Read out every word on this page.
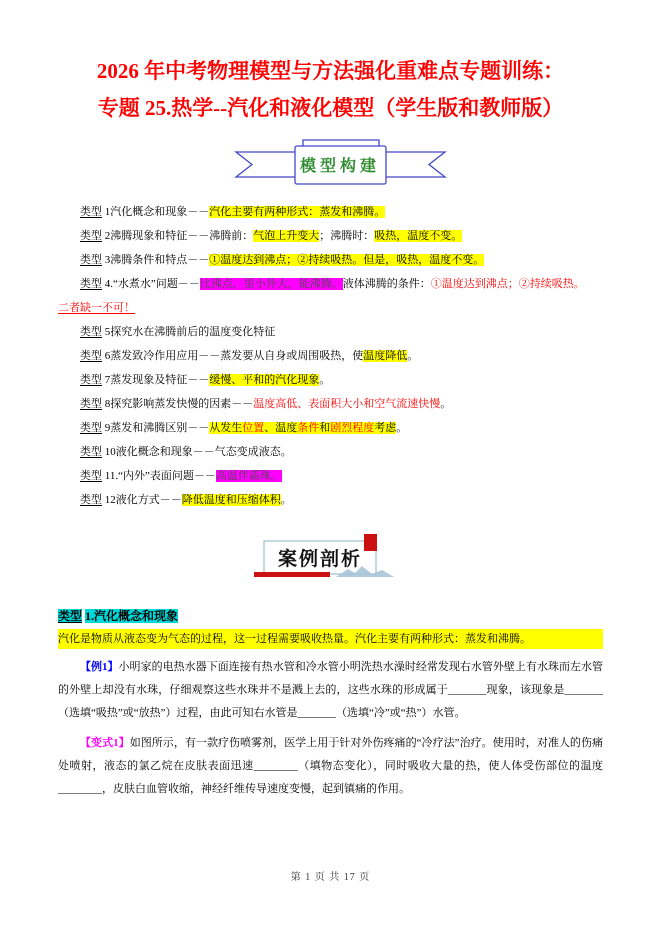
2026 年中考物理模型与方法强化重难点专题训练：
专题 25.热学--汽化和液化模型（学生版和教师版）
模型构建

类型 1汽化概念和现象－－汽化主要有两种形式：蒸发和沸腾。

类型 2沸腾现象和特征－－沸腾前：气泡上升变大；沸腾时：吸热，温度不变。

类型 3沸腾条件和特点－－①温度达到沸点；②持续吸热。但是，吸热，温度不变。

类型 4.“水煮水”问题－－比沸点，里小外大，能沸腾。液体沸腾的条件：①温度达到沸点；②持续吸热。

二者缺一不可！

类型 5探究水在沸腾前后的温度变化特征

类型 6蒸发致冷作用应用－－蒸发要从自身或周围吸热，使温度降低。

类型 7蒸发现象及特征－－缓慢、平和的汽化现象。

类型 8探究影响蒸发快慢的因素－－温度高低、表面积大小和空气流速快慢。

类型 9蒸发和沸腾区别－－从发生位置、温度条件和剧烈程度考虑。

类型 10液化概念和现象－－气态变成液态。

类型 11.“内外”表面问题－－高温伴霜珠。

类型 12液化方式－－降低温度和压缩体积。

案例剖析
类型 1.汽化概念和现象
汽化是物质从液态变为气态的过程，这一过程需要吸收热量。汽化主要有两种形式：蒸发和沸腾。

【例1】小明家的电热水器下面连接有热水管和冷水管小明洗热水澡时经常发现右水管外壁上有水珠而左水管的外壁上却没有水珠，仔细观察这些水珠并不是溅上去的，这些水珠的形成属于_______现象，该现象是_______（选填“吸热”或“放热”）过程，由此可知右水管是_______（选填“冷”或“热”）水管。

【变式1】如图所示，有一款疗伤喷雾剂，医学上用于针对外伤疼痛的“冷疗法”治疗。使用时，对准人的伤痛处喷射，液态的氯乙烷在皮肤表面迅速________（填物态变化），同时吸收大量的热，使人体受伤部位的温度________，皮肤白血管收缩，神经纤维传导速度变慢，起到镇痛的作用。

第 1 页 共 17 页
